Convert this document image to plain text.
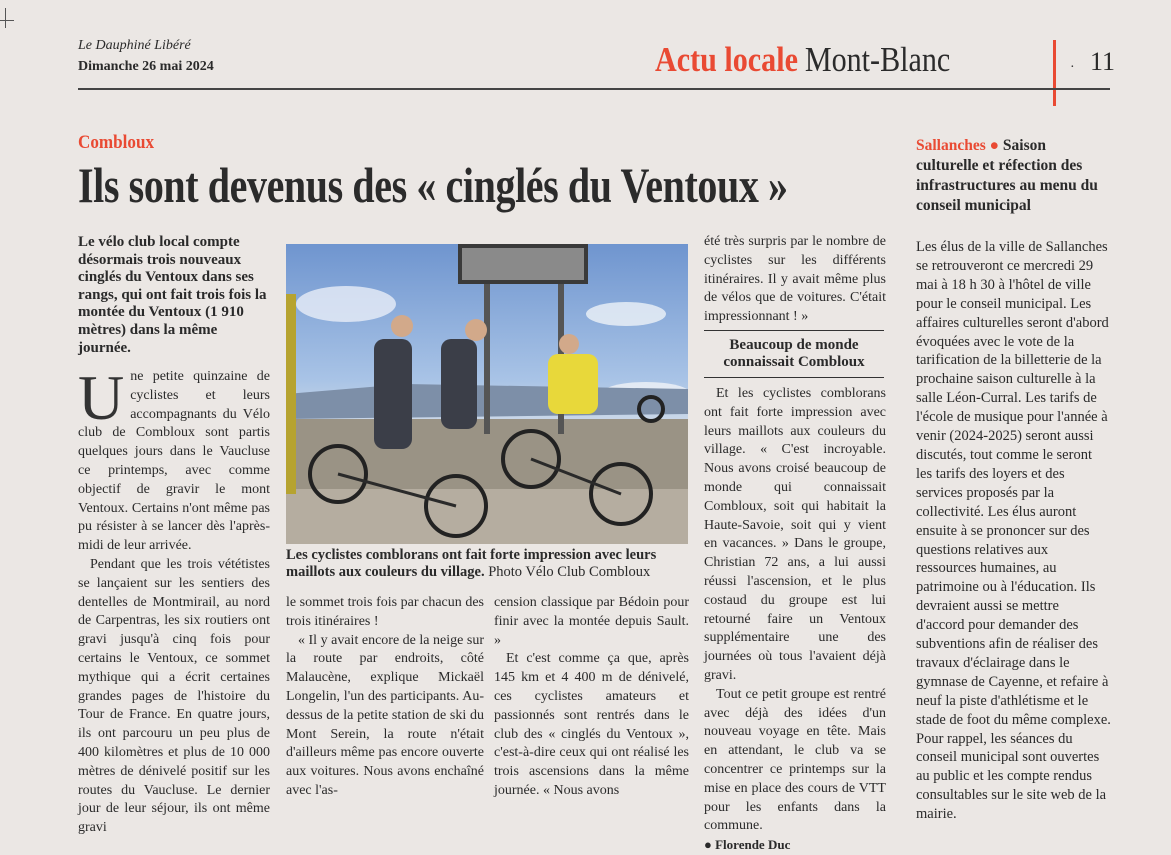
Le Dauphiné Libéré
Dimanche 26 mai 2024	Actu locale Mont-Blanc	· 11
Combloux
Ils sont devenus des « cinglés du Ventoux »
Le vélo club local compte désormais trois nouveaux cinglés du Ventoux dans ses rangs, qui ont fait trois fois la montée du Ventoux (1 910 mètres) dans la même journée.

Une petite quinzaine de cyclistes et leurs accompagnants du Vélo club de Combloux sont partis quelques jours dans le Vaucluse ce printemps, avec comme objectif de gravir le mont Ventoux. Certains n'ont même pas pu résister à se lancer dès l'après-midi de leur arrivée.

Pendant que les trois vététistes se lançaient sur les sentiers des dentelles de Montmirail, au nord de Carpentras, les six routiers ont gravi jusqu'à cinq fois pour certains le Ventoux, ce sommet mythique qui a écrit certaines grandes pages de l'histoire du Tour de France. En quatre jours, ils ont parcouru un peu plus de 400 kilomètres et plus de 10 000 mètres de dénivelé positif sur les routes du Vaucluse. Le dernier jour de leur séjour, ils ont même gravi

Les cyclistes comblorans ont fait forte impression avec leurs maillots aux couleurs du village. Photo Vélo Club Combloux

le sommet trois fois par chacun des trois itinéraires !

« Il y avait encore de la neige sur la route par endroits, côté Malaucène, explique Mickaël Longelin, l'un des participants. Au-dessus de la petite station de ski du Mont Serein, la route n'était d'ailleurs même pas encore ouverte aux voitures. Nous avons enchaîné avec l'as-

cension classique par Bédoin pour finir avec la montée depuis Sault. »

Et c'est comme ça que, après 145 km et 4 400 m de dénivelé, ces cyclistes amateurs et passionnés sont rentrés dans le club des « cinglés du Ventoux », c'est-à-dire ceux qui ont réalisé les trois ascensions dans la même journée. « Nous avons

été très surpris par le nombre de cyclistes sur les différents itinéraires. Il y avait même plus de vélos que de voitures. C'était impressionnant ! »

Beaucoup de monde connaissait Combloux

Et les cyclistes comblorans ont fait forte impression avec leurs maillots aux couleurs du village. « C'est incroyable. Nous avons croisé beaucoup de monde qui connaissait Combloux, soit qui habitait la Haute-Savoie, soit qui y vient en vacances. » Dans le groupe, Christian 72 ans, a lui aussi réussi l'ascension, et le plus costaud du groupe est lui retourné faire un Ventoux supplémentaire une des journées où tous l'avaient déjà gravi.

Tout ce petit groupe est rentré avec déjà des idées d'un nouveau voyage en tête. Mais en attendant, le club va se concentrer ce printemps sur la mise en place des cours de VTT pour les enfants dans la commune.

● Florende Duc
Sallanches ● Saison culturelle et réfection des infrastructures au menu du conseil municipal

Les élus de la ville de Sallanches se retrouveront ce mercredi 29 mai à 18 h 30 à l'hôtel de ville pour le conseil municipal. Les affaires culturelles seront d'abord évoquées avec le vote de la tarification de la billetterie de la prochaine saison culturelle à la salle Léon-Curral. Les tarifs de l'école de musique pour l'année à venir (2024-2025) seront aussi discutés, tout comme le seront les tarifs des loyers et des services proposés par la collectivité. Les élus auront ensuite à se prononcer sur des questions relatives aux ressources humaines, au patrimoine ou à l'éducation. Ils devraient aussi se mettre d'accord pour demander des subventions afin de réaliser des travaux d'éclairage dans le gymnase de Cayenne, et refaire à neuf la piste d'athlétisme et le stade de foot du même complexe. Pour rappel, les séances du conseil municipal sont ouvertes au public et les compte rendus consultables sur le site web de la mairie.
